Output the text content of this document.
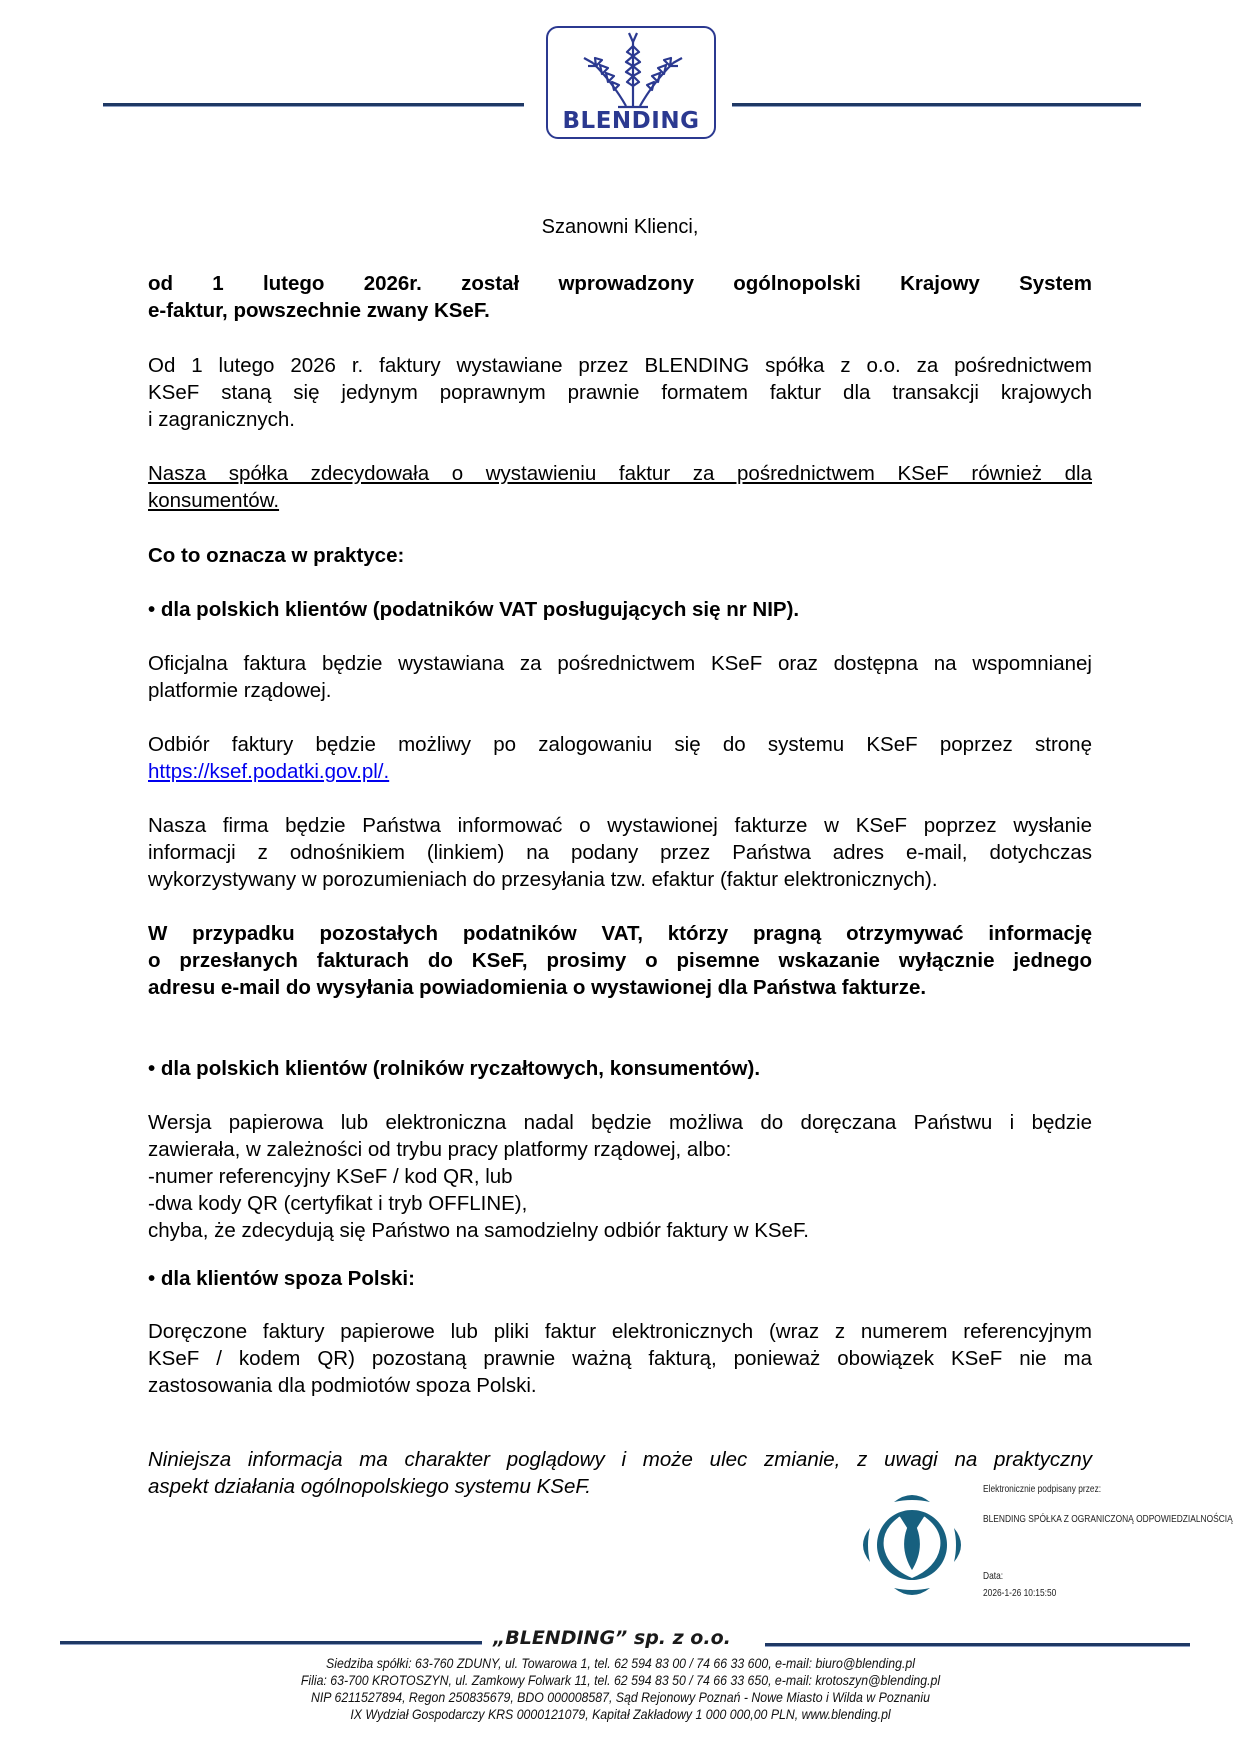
BLENDING
Szanowni Klienci,
od 1 lutego 2026r. został wprowadzony ogólnopolski Krajowy System
e-faktur, powszechnie zwany KSeF.
Od 1 lutego 2026 r. faktury wystawiane przez BLENDING spółka z o.o. za pośrednictwem
KSeF staną się jedynym poprawnym prawnie formatem faktur dla transakcji krajowych
i zagranicznych.
Nasza spółka zdecydowała o wystawieniu faktur za pośrednictwem KSeF również dla
konsumentów.
Co to oznacza w praktyce:
• dla polskich klientów (podatników VAT posługujących się nr NIP).
Oficjalna faktura będzie wystawiana za pośrednictwem KSeF oraz dostępna na wspomnianej
platformie rządowej.
Odbiór faktury będzie możliwy po zalogowaniu się do systemu KSeF poprzez stronę
https://ksef.podatki.gov.pl/.
Nasza firma będzie Państwa informować o wystawionej fakturze w KSeF poprzez wysłanie
informacji z odnośnikiem (linkiem) na podany przez Państwa adres e-mail, dotychczas
wykorzystywany w porozumieniach do przesyłania tzw. efaktur (faktur elektronicznych).
W przypadku pozostałych podatników VAT, którzy pragną otrzymywać informację
o przesłanych fakturach do KSeF, prosimy o pisemne wskazanie wyłącznie jednego
adresu e-mail do wysyłania powiadomienia o wystawionej dla Państwa fakturze.
• dla polskich klientów (rolników ryczałtowych, konsumentów).
Wersja papierowa lub elektroniczna nadal będzie możliwa do doręczana Państwu i będzie
zawierała, w zależności od trybu pracy platformy rządowej, albo:
-numer referencyjny KSeF / kod QR, lub
-dwa kody QR (certyfikat i tryb OFFLINE),
chyba, że zdecydują się Państwo na samodzielny odbiór faktury w KSeF.
• dla klientów spoza Polski:
Doręczone faktury papierowe lub pliki faktur elektronicznych (wraz z numerem referencyjnym
KSeF / kodem QR) pozostaną prawnie ważną fakturą, ponieważ obowiązek KSeF nie ma
zastosowania dla podmiotów spoza Polski.
Niniejsza informacja ma charakter poglądowy i może ulec zmianie, z uwagi na praktyczny
aspekt działania ogólnopolskiego systemu KSeF.	Elektronicznie podpisany przez:
BLENDING SPÓŁKA Z OGRANICZONĄ ODPOWIEDZIALNOŚCIĄ
Data:
2026-1-26 10:15:50
„BLENDING” sp. z o.o.
Siedziba spółki: 63-760 ZDUNY, ul. Towarowa 1, tel. 62 594 83 00 / 74 66 33 600, e-mail: biuro@blending.pl
Filia: 63-700 KROTOSZYN, ul. Zamkowy Folwark 11, tel. 62 594 83 50 / 74 66 33 650, e-mail: krotoszyn@blending.pl
NIP 6211527894, Regon 250835679, BDO 000008587, Sąd Rejonowy Poznań - Nowe Miasto i Wilda w Poznaniu
IX Wydział Gospodarczy KRS 0000121079, Kapitał Zakładowy 1 000 000,00 PLN, www.blending.pl
